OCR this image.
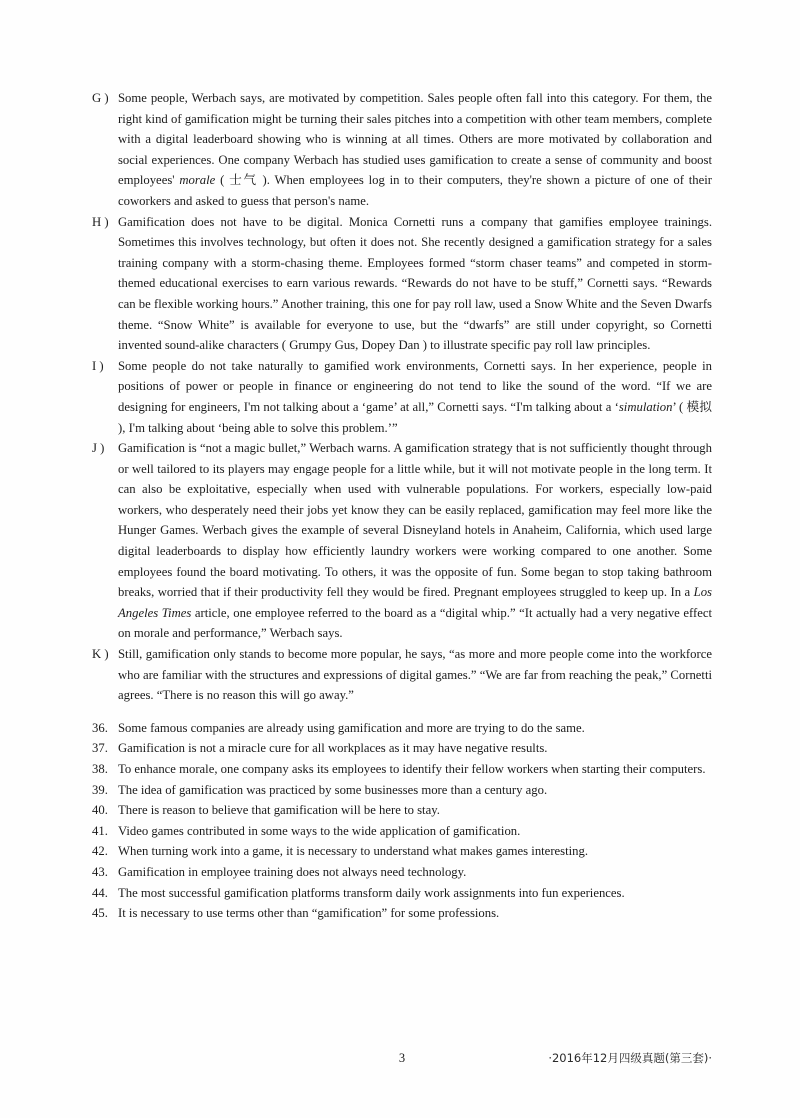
G ) Some people, Werbach says, are motivated by competition. Sales people often fall into this category. For them, the right kind of gamification might be turning their sales pitches into a competition with other team members, complete with a digital leaderboard showing who is winning at all times. Others are more motivated by collaboration and social experiences. One company Werbach has studied uses gamification to create a sense of community and boost employees' morale ( 士气 ). When employees log in to their computers, they're shown a picture of one of their coworkers and asked to guess that person's name.
H ) Gamification does not have to be digital. Monica Cornetti runs a company that gamifies employee trainings. Sometimes this involves technology, but often it does not. She recently designed a gamification strategy for a sales training company with a storm-chasing theme. Employees formed “storm chaser teams” and competed in storm-themed educational exercises to earn various rewards. “Rewards do not have to be stuff,” Cornetti says. “Rewards can be flexible working hours.” Another training, this one for pay roll law, used a Snow White and the Seven Dwarfs theme. “Snow White” is available for everyone to use, but the “dwarfs” are still under copyright, so Cornetti invented sound-alike characters ( Grumpy Gus, Dopey Dan ) to illustrate specific pay roll law principles.
I )	Some people do not take naturally to gamified work environments, Cornetti says. In her experience, people in positions of power or people in finance or engineering do not tend to like the sound of the word. “If we are designing for engineers, I'm not talking about a ‘game’ at all,” Cornetti says. “I'm talking about a ‘simulation’ ( 模拟 ), I'm talking about ‘being able to solve this problem.’”
J )	Gamification is “not a magic bullet,” Werbach warns. A gamification strategy that is not sufficiently thought through or well tailored to its players may engage people for a little while, but it will not motivate people in the long term. It can also be exploitative, especially when used with vulnerable populations. For workers, especially low-paid workers, who desperately need their jobs yet know they can be easily replaced, gamification may feel more like the Hunger Games. Werbach gives the example of several Disneyland hotels in Anaheim, California, which used large digital leaderboards to display how efficiently laundry workers were working compared to one another. Some employees found the board motivating. To others, it was the opposite of fun. Some began to stop taking bathroom breaks, worried that if their productivity fell they would be fired. Pregnant employees struggled to keep up. In a Los Angeles Times article, one employee referred to the board as a “digital whip.” “It actually had a very negative effect on morale and performance,” Werbach says.
K ) Still, gamification only stands to become more popular, he says, “as more and more people come into the workforce who are familiar with the structures and expressions of digital games.” “We are far from reaching the peak,” Cornetti agrees. “There is no reason this will go away.”
36. Some famous companies are already using gamification and more are trying to do the same.
37. Gamification is not a miracle cure for all workplaces as it may have negative results.
38. To enhance morale, one company asks its employees to identify their fellow workers when starting their computers.
39. The idea of gamification was practiced by some businesses more than a century ago.
40. There is reason to believe that gamification will be here to stay.
41. Video games contributed in some ways to the wide application of gamification.
42. When turning work into a game, it is necessary to understand what makes games interesting.
43. Gamification in employee training does not always need technology.
44. The most successful gamification platforms transform daily work assignments into fun experiences.
45. It is necessary to use terms other than “gamification” for some professions.
3	·2016年12月四级真题(第三套)·
